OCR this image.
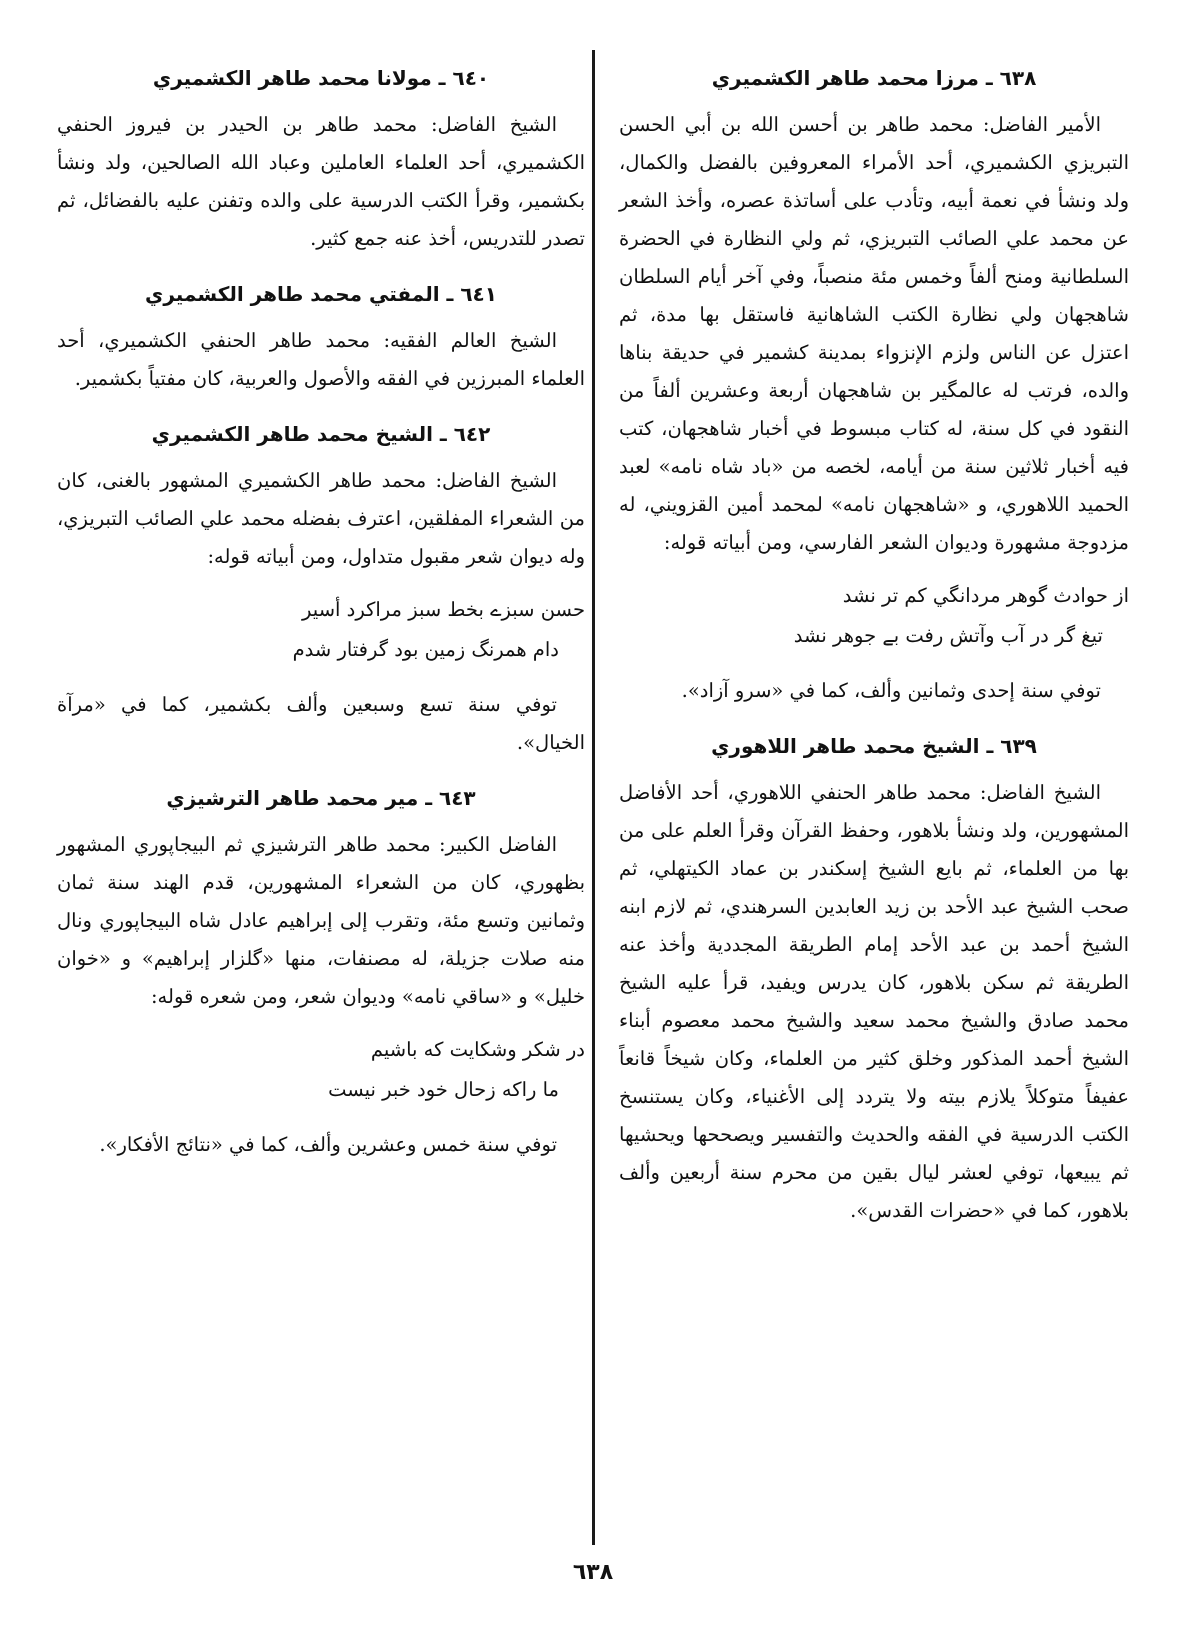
٦٣٨ ـ مرزا محمد طاهر الكشميري

الأمير الفاضل: محمد طاهر بن أحسن الله بن أبي الحسن التبريزي الكشميري، أحد الأمراء المعروفين بالفضل والكمال، ولد ونشأ في نعمة أبيه، وتأدب على أساتذة عصره، وأخذ الشعر عن محمد علي الصائب التبريزي، ثم ولي النظارة في الحضرة السلطانية ومنح ألفاً وخمس مئة منصباً، وفي آخر أيام السلطان شاهجهان ولي نظارة الكتب الشاهانية فاستقل بها مدة، ثم اعتزل عن الناس ولزم الإنزواء بمدينة كشمير في حديقة بناها والده، فرتب له عالمگير بن شاهجهان أربعة وعشرين ألفاً من النقود في كل سنة، له كتاب مبسوط في أخبار شاهجهان، كتب فيه أخبار ثلاثين سنة من أيامه، لخصه من «باد شاه نامه» لعبد الحميد اللاهوري، و «شاهجهان نامه» لمحمد أمين القزويني، له مزدوجة مشهورة وديوان الشعر الفارسي، ومن أبياته قوله:

از حوادث گوهر مردانگي كم تر نشد
تيغ گر در آب وآتش رفت بے جوهر نشد

توفي سنة إحدى وثمانين وألف، كما في «سرو آزاد».

٦٣٩ ـ الشيخ محمد طاهر اللاهوري

الشيخ الفاضل: محمد طاهر الحنفي اللاهوري، أحد الأفاضل المشهورين، ولد ونشأ بلاهور، وحفظ القرآن وقرأ العلم على من بها من العلماء، ثم بايع الشيخ إسكندر بن عماد الكيتهلي، ثم صحب الشيخ عبد الأحد بن زيد العابدين السرهندي، ثم لازم ابنه الشيخ أحمد بن عبد الأحد إمام الطريقة المجددية وأخذ عنه الطريقة ثم سكن بلاهور، كان يدرس ويفيد، قرأ عليه الشيخ محمد صادق والشيخ محمد سعيد والشيخ محمد معصوم أبناء الشيخ أحمد المذكور وخلق كثير من العلماء، وكان شيخاً قانعاً عفيفاً متوكلاً يلازم بيته ولا يتردد إلى الأغنياء، وكان يستنسخ الكتب الدرسية في الفقه والحديث والتفسير ويصححها ويحشيها ثم يبيعها، توفي لعشر ليال بقين من محرم سنة أربعين وألف بلاهور، كما في «حضرات القدس».

٦٤٠ ـ مولانا محمد طاهر الكشميري

الشيخ الفاضل: محمد طاهر بن الحيدر بن فيروز الحنفي الكشميري، أحد العلماء العاملين وعباد الله الصالحين، ولد ونشأ بكشمير، وقرأ الكتب الدرسية على والده وتفنن عليه بالفضائل، ثم تصدر للتدريس، أخذ عنه جمع كثير.

٦٤١ ـ المفتي محمد طاهر الكشميري

الشيخ العالم الفقيه: محمد طاهر الحنفي الكشميري، أحد العلماء المبرزين في الفقه والأصول والعربية، كان مفتياً بكشمير.

٦٤٢ ـ الشيخ محمد طاهر الكشميري

الشيخ الفاضل: محمد طاهر الكشميري المشهور بالغنى، كان من الشعراء المفلقين، اعترف بفضله محمد علي الصائب التبريزي، وله ديوان شعر مقبول متداول، ومن أبياته قوله:

حسن سبزے بخط سبز مراكرد أسير
دام همرنگ زمين بود گرفتار شدم

توفي سنة تسع وسبعين وألف بكشمير، كما في «مرآة الخيال».

٦٤٣ ـ مير محمد طاهر الترشيزي

الفاضل الكبير: محمد طاهر الترشيزي ثم البيجاپوري المشهور بظهوري، كان من الشعراء المشهورين، قدم الهند سنة ثمان وثمانين وتسع مئة، وتقرب إلى إبراهيم عادل شاه البيجاپوري ونال منه صلات جزيلة، له مصنفات، منها «گلزار إبراهيم» و «خوان خليل» و «ساقي نامه» وديوان شعر، ومن شعره قوله:

در شكر وشكايت كه باشيم
ما راكه زحال خود خبر نيست

توفي سنة خمس وعشرين وألف، كما في «نتائج الأفكار».

٦٣٨
